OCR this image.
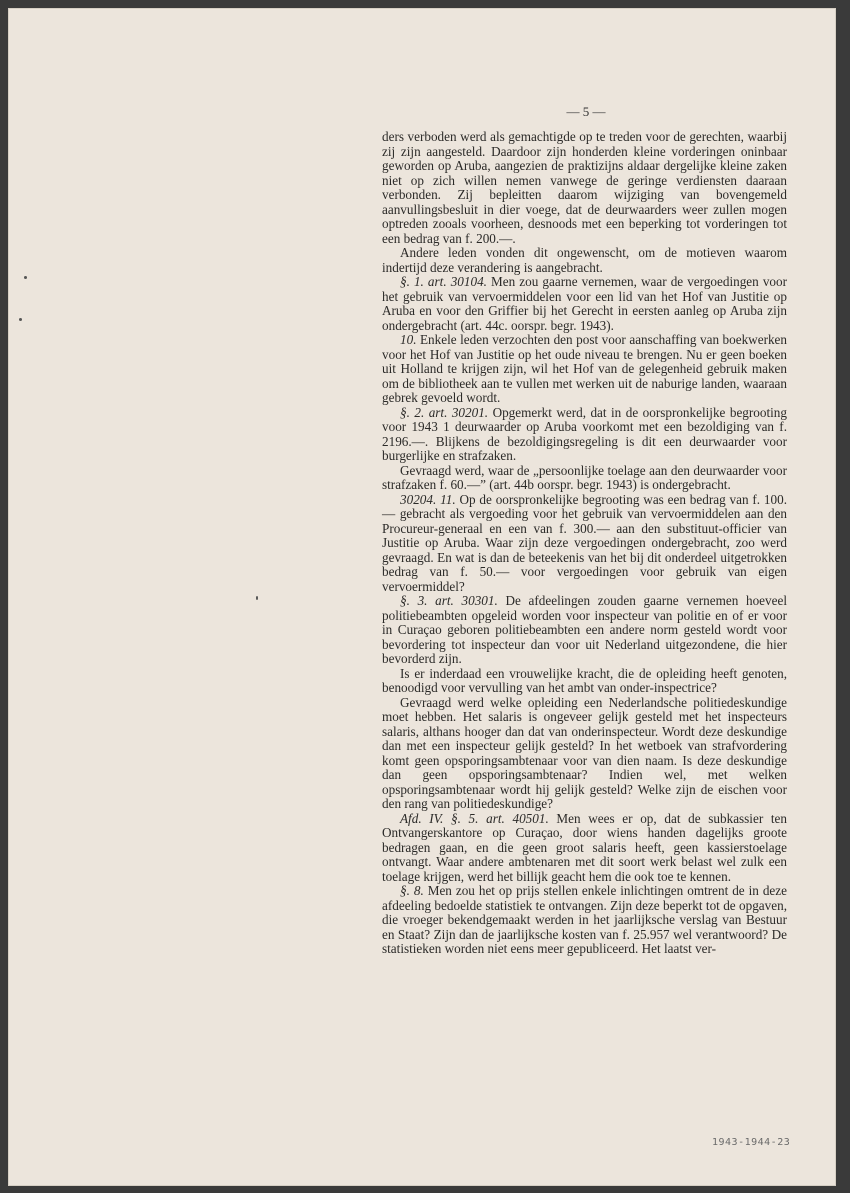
— 5 —

ders verboden werd als gemachtigde op te treden voor de gerechten, waarbij zij zijn aangesteld. Daardoor zijn honderden kleine vorderingen oninbaar geworden op Aruba, aangezien de praktizijns aldaar dergelijke kleine zaken niet op zich willen nemen vanwege de geringe verdiensten daaraan verbonden. Zij bepleitten daarom wijziging van bovengemeld aanvullingsbesluit in dier voege, dat de deurwaarders weer zullen mogen optreden zooals voorheen, desnoods met een beperking tot vorderingen tot een bedrag van f. 200.—.

Andere leden vonden dit ongewenscht, om de motieven waarom indertijd deze verandering is aangebracht.

§. 1. art. 30104. Men zou gaarne vernemen, waar de vergoedingen voor het gebruik van vervoermiddelen voor een lid van het Hof van Justitie op Aruba en voor den Griffier bij het Gerecht in eersten aanleg op Aruba zijn ondergebracht (art. 44c. oorspr. begr. 1943).

10. Enkele leden verzochten den post voor aanschaffing van boekwerken voor het Hof van Justitie op het oude niveau te brengen. Nu er geen boeken uit Holland te krijgen zijn, wil het Hof van de gelegenheid gebruik maken om de bibliotheek aan te vullen met werken uit de naburige landen, waaraan gebrek gevoeld wordt.

§. 2. art. 30201. Opgemerkt werd, dat in de oorspronkelijke begrooting voor 1943 1 deurwaarder op Aruba voorkomt met een bezoldiging van f. 2196.—. Blijkens de bezoldigingsregeling is dit een deurwaarder voor burgerlijke en strafzaken.

Gevraagd werd, waar de „persoonlijke toelage aan den deurwaarder voor strafzaken f. 60.—” (art. 44b oorspr. begr. 1943) is ondergebracht.

30204. 11. Op de oorspronkelijke begrooting was een bedrag van f. 100.— gebracht als vergoeding voor het gebruik van vervoermiddelen aan den Procureur-generaal en een van f. 300.— aan den substituut-officier van Justitie op Aruba. Waar zijn deze vergoedingen ondergebracht, zoo werd gevraagd. En wat is dan de beteekenis van het bij dit onderdeel uitgetrokken bedrag van f. 50.— voor vergoedingen voor gebruik van eigen vervoermiddel?

§. 3. art. 30301. De afdeelingen zouden gaarne vernemen hoeveel politiebeambten opgeleid worden voor inspecteur van politie en of er voor in Curaçao geboren politiebeambten een andere norm gesteld wordt voor bevordering tot inspecteur dan voor uit Nederland uitgezondene, die hier bevorderd zijn.

Is er inderdaad een vrouwelijke kracht, die de opleiding heeft genoten, benoodigd voor vervulling van het ambt van onder-inspectrice?

Gevraagd werd welke opleiding een Nederlandsche politiedeskundige moet hebben. Het salaris is ongeveer gelijk gesteld met het inspecteurs salaris, althans hooger dan dat van onderinspecteur. Wordt deze deskundige dan met een inspecteur gelijk gesteld? In het wetboek van strafvordering komt geen opsporingsambtenaar voor van dien naam. Is deze deskundige dan geen opsporingsambtenaar? Indien wel, met welken opsporingsambtenaar wordt hij gelijk gesteld? Welke zijn de eischen voor den rang van politiedeskundige?

Afd. IV. §. 5. art. 40501. Men wees er op, dat de subkassier ten Ontvangerskantore op Curaçao, door wiens handen dagelijks groote bedragen gaan, en die geen groot salaris heeft, geen kassierstoelage ontvangt. Waar andere ambtenaren met dit soort werk belast wel zulk een toelage krijgen, werd het billijk geacht hem die ook toe te kennen.

§. 8. Men zou het op prijs stellen enkele inlichtingen omtrent de in deze afdeeling bedoelde statistiek te ontvangen. Zijn deze beperkt tot de opgaven, die vroeger bekendgemaakt werden in het jaarlijksche verslag van Bestuur en Staat? Zijn dan de jaarlijksche kosten van f. 25.957 wel verantwoord? De statistieken worden niet eens meer gepubliceerd. Het laatst ver-

1943-1944-23
